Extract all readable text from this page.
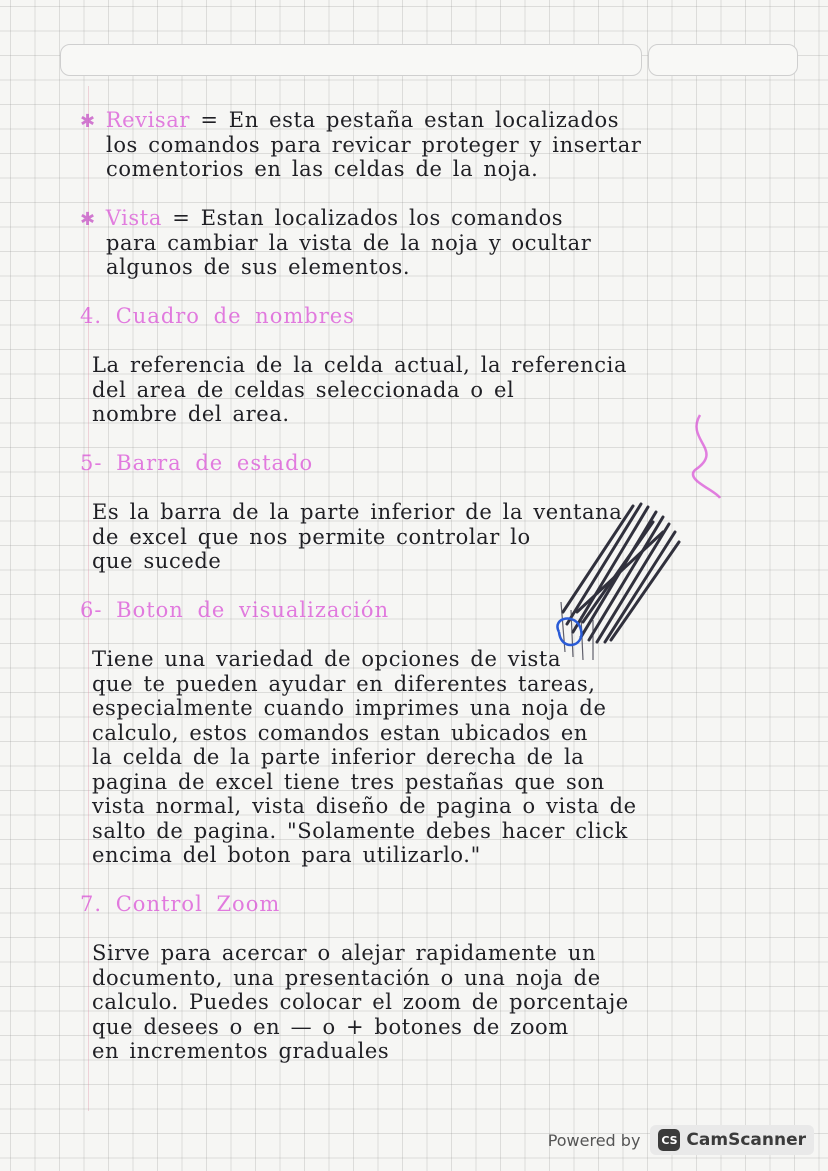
✱ Revisar = En esta pestaña estan localizados
los comandos para revicar proteger y insertar
comentorios en las celdas de la noja.
✱ Vista = Estan localizados los comandos
para cambiar la vista de la noja y ocultar
algunos de sus elementos.
4. Cuadro de nombres
La referencia de la celda actual, la referencia
del area de celdas seleccionada o el
nombre del area.
5- Barra de estado
Es la barra de la parte inferior de la ventana
de excel que nos permite controlar lo
que sucede
6- Boton de visualización
Tiene una variedad de opciones de vista
que te pueden ayudar en diferentes tareas,
especialmente cuando imprimes una noja de
calculo, estos comandos estan ubicados en
la celda de la parte inferior derecha de la
pagina de excel tiene tres pestañas que son
vista normal, vista diseño de pagina o vista de
salto de pagina. "Solamente debes hacer click
encima del boton para utilizarlo."
7. Control Zoom
Sirve para acercar o alejar rapidamente un
documento, una presentación o una noja de
calculo. Puedes colocar el zoom de porcentaje
que desees o en — o + botones de zoom
en incrementos graduales
Powered by CS CamScanner
